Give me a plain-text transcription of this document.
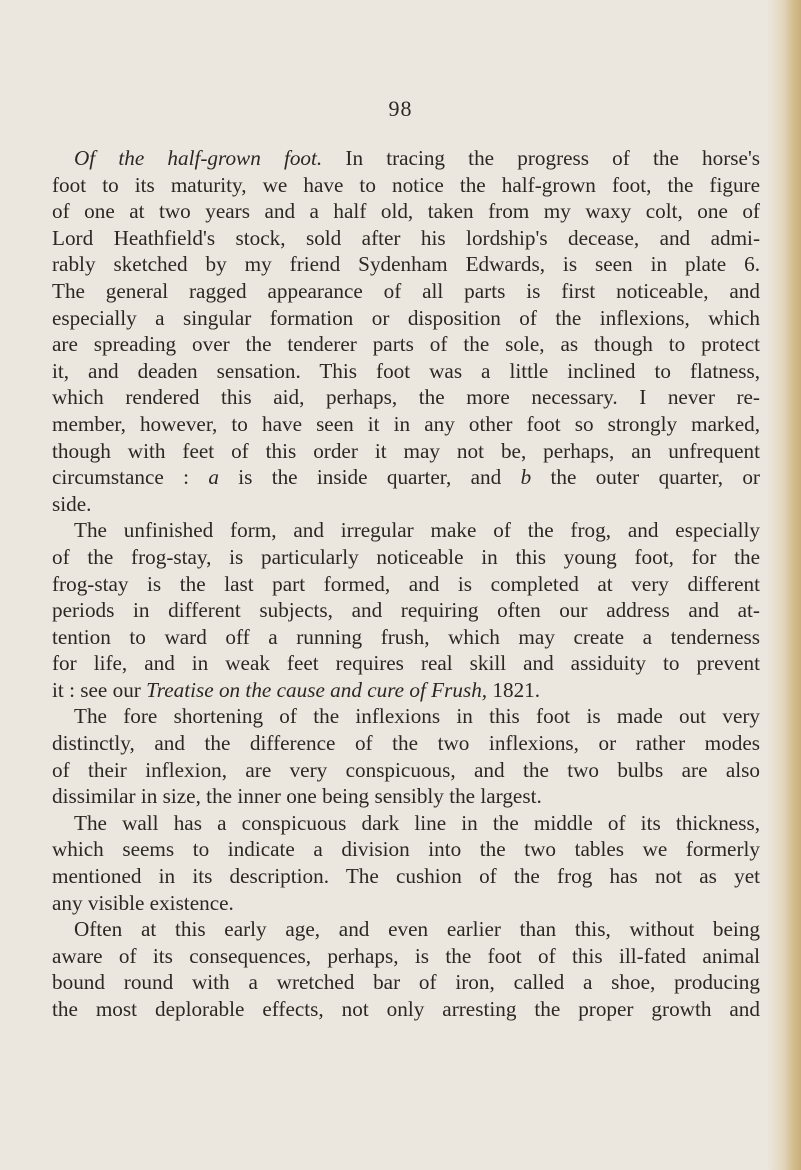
98
Of the half-grown foot. In tracing the progress of the horse's
foot to its maturity, we have to notice the half-grown foot, the figure
of one at two years and a half old, taken from my waxy colt, one of
Lord Heathfield's stock, sold after his lordship's decease, and admi-
rably sketched by my friend Sydenham Edwards, is seen in plate 6.
The general ragged appearance of all parts is first noticeable, and
especially a singular formation or disposition of the inflexions, which
are spreading over the tenderer parts of the sole, as though to protect
it, and deaden sensation. This foot was a little inclined to flatness,
which rendered this aid, perhaps, the more necessary. I never re-
member, however, to have seen it in any other foot so strongly marked,
though with feet of this order it may not be, perhaps, an unfrequent
circumstance : a is the inside quarter, and b the outer quarter, or
side.
The unfinished form, and irregular make of the frog, and especially
of the frog-stay, is particularly noticeable in this young foot, for the
frog-stay is the last part formed, and is completed at very different
periods in different subjects, and requiring often our address and at-
tention to ward off a running frush, which may create a tenderness
for life, and in weak feet requires real skill and assiduity to prevent
it : see our Treatise on the cause and cure of Frush, 1821.
The fore shortening of the inflexions in this foot is made out very
distinctly, and the difference of the two inflexions, or rather modes
of their inflexion, are very conspicuous, and the two bulbs are also
dissimilar in size, the inner one being sensibly the largest.
The wall has a conspicuous dark line in the middle of its thickness,
which seems to indicate a division into the two tables we formerly
mentioned in its description. The cushion of the frog has not as yet
any visible existence.
Often at this early age, and even earlier than this, without being
aware of its consequences, perhaps, is the foot of this ill-fated animal
bound round with a wretched bar of iron, called a shoe, producing
the most deplorable effects, not only arresting the proper growth and
